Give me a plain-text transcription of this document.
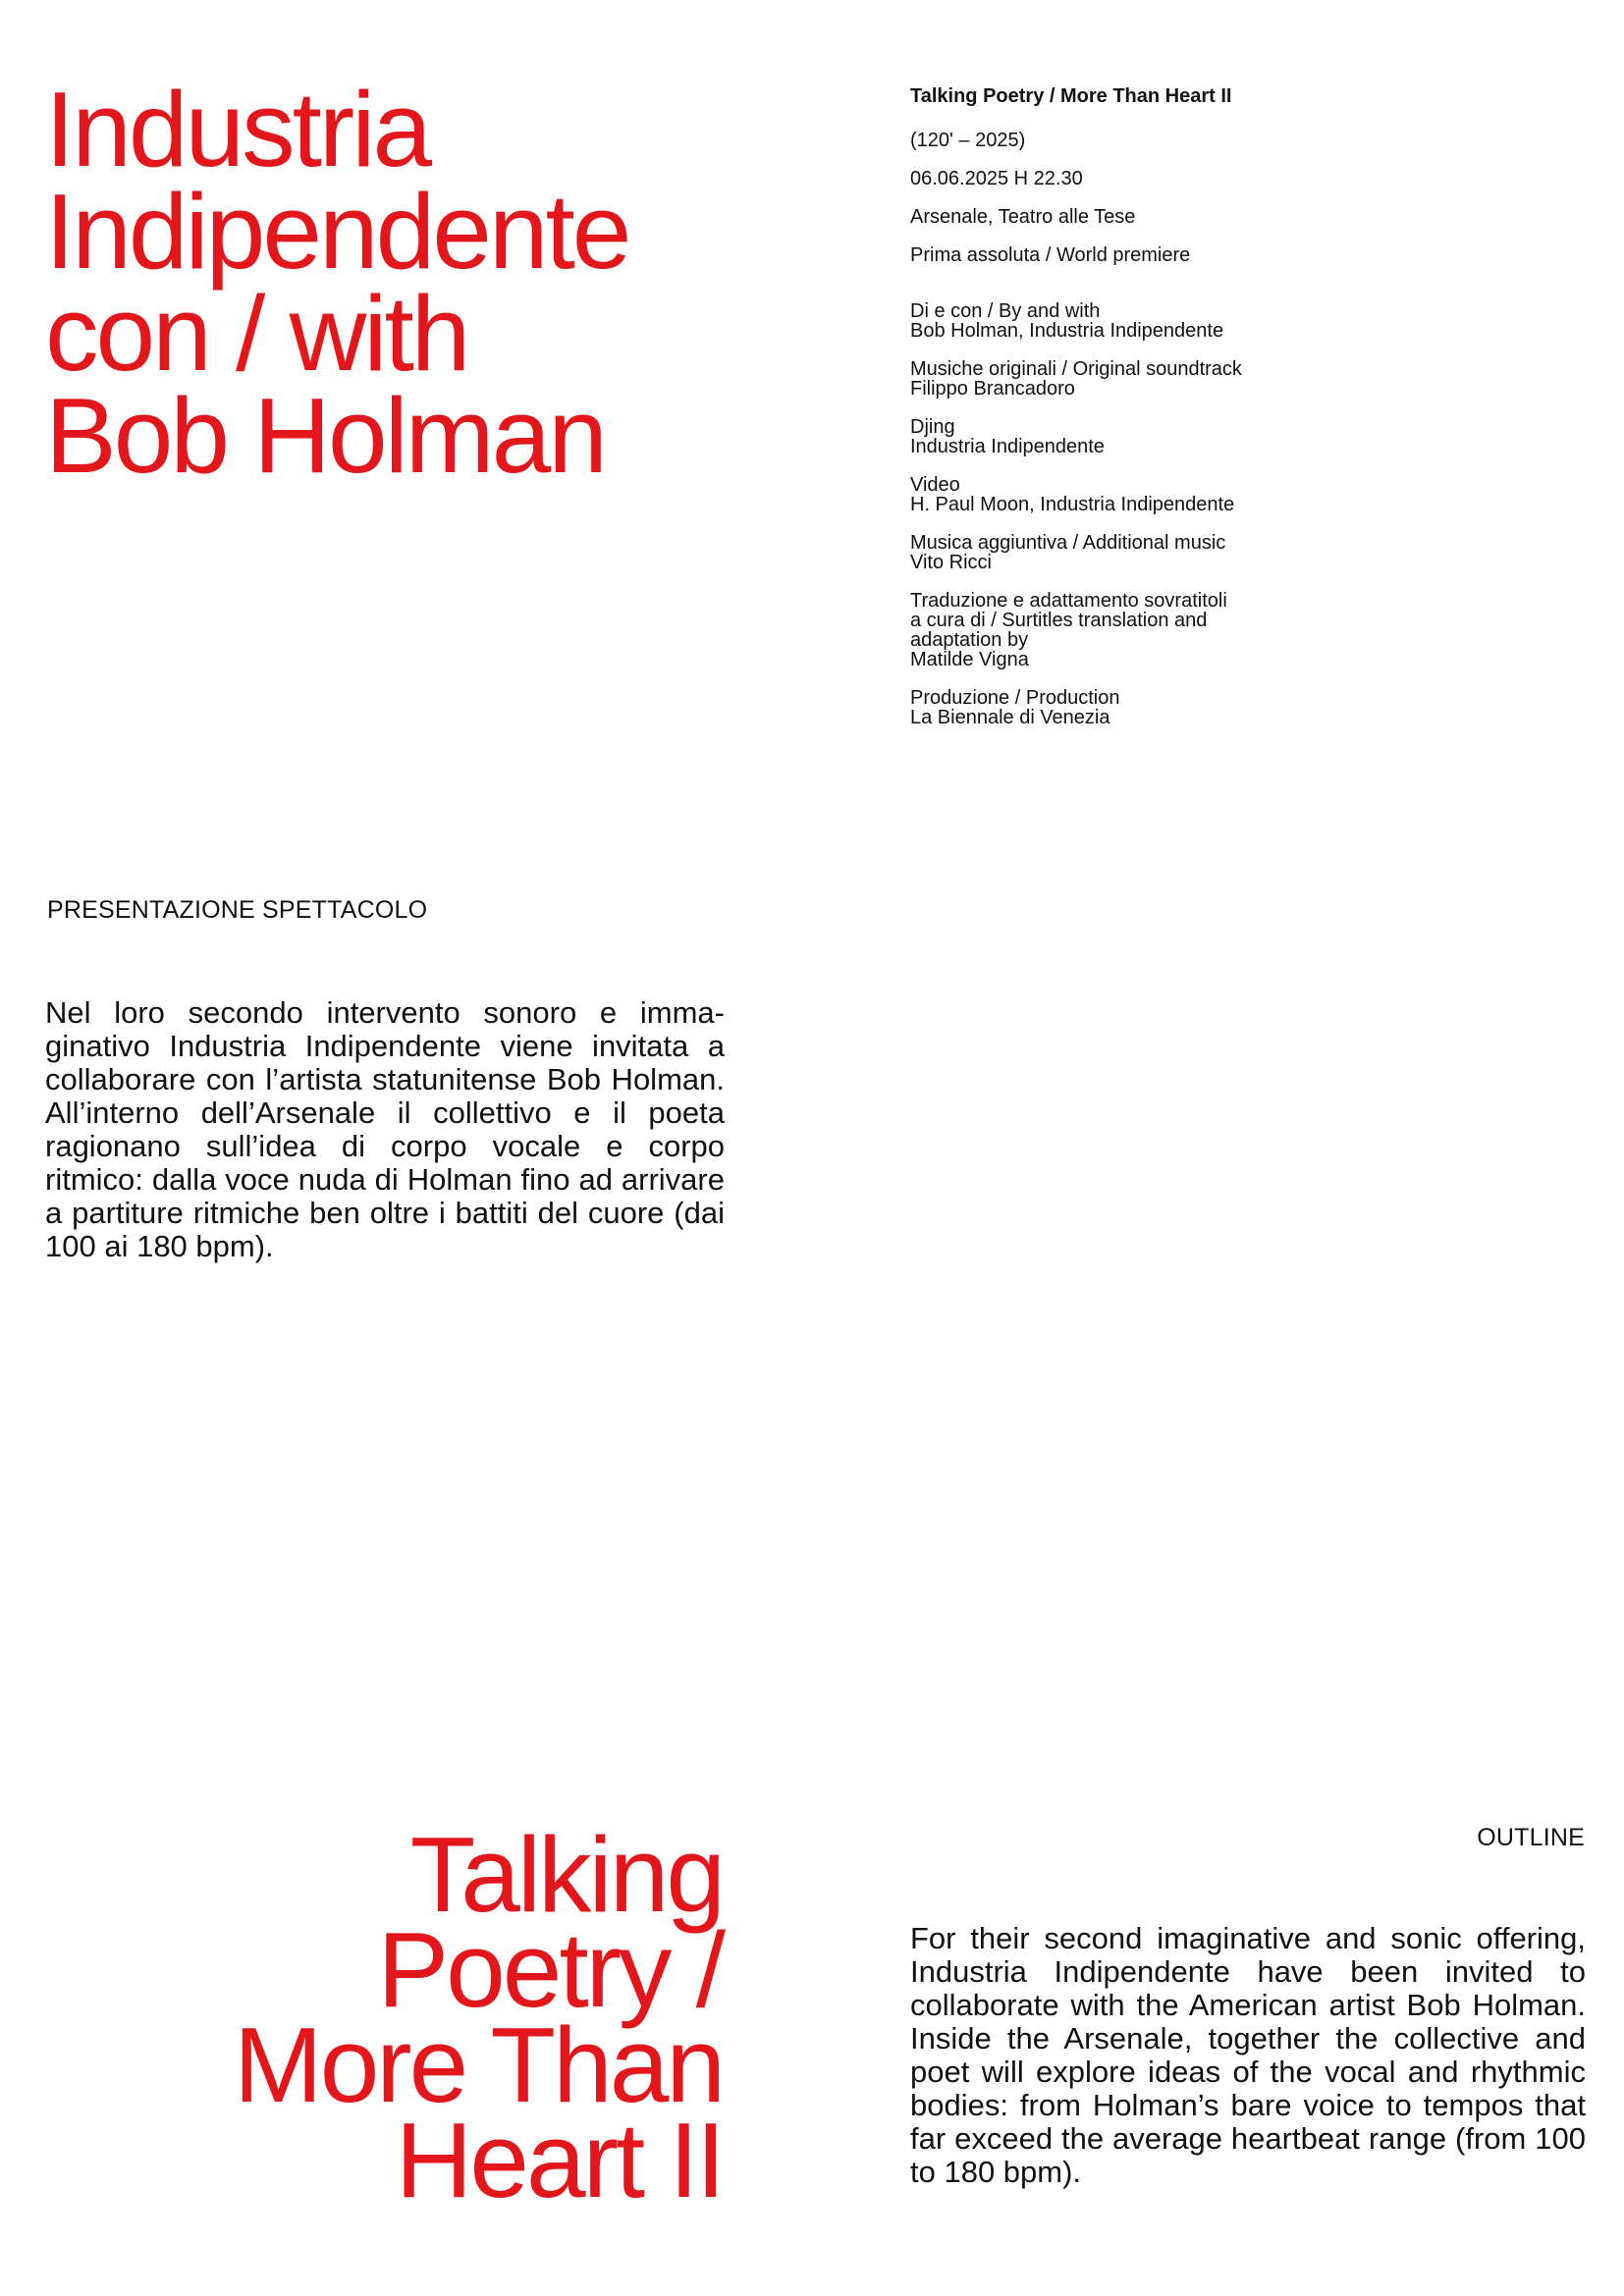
Industria
Indipendente
con / with
Bob Holman
Talking Poetry / More Than Heart II
(120' – 2025)
06.06.2025 H 22.30
Arsenale, Teatro alle Tese
Prima assoluta / World premiere
Di e con / By and with
Bob Holman, Industria Indipendente
Musiche originali / Original soundtrack
Filippo Brancadoro
Djing
Industria Indipendente
Video
H. Paul Moon, Industria Indipendente
Musica aggiuntiva / Additional music
Vito Ricci
Traduzione e adattamento sovratitoli
a cura di / Surtitles translation and
adaptation by
Matilde Vigna
Produzione / Production
La Biennale di Venezia
PRESENTAZIONE SPETTACOLO

Nel loro secondo intervento sonoro e immaginativo Industria Indipendente viene invitata a collaborare con l’artista statunitense Bob Holman. All’interno dell’Arsenale il collettivo e il poeta ragionano sull’idea di corpo vocale e corpo ritmico: dalla voce nuda di Holman fino ad arrivare a partiture ritmiche ben oltre i battiti del cuore (dai 100 ai 180 bpm).

OUTLINE
Talking
Poetry /
More Than
Heart II

For their second imaginative and sonic offering, Industria Indipendente have been invited to collaborate with the American artist Bob Holman. Inside the Arsenale, together the collective and poet will explore ideas of the vocal and rhythmic bodies: from Holman’s bare voice to tempos that far exceed the average heartbeat range (from 100 to 180 bpm).
